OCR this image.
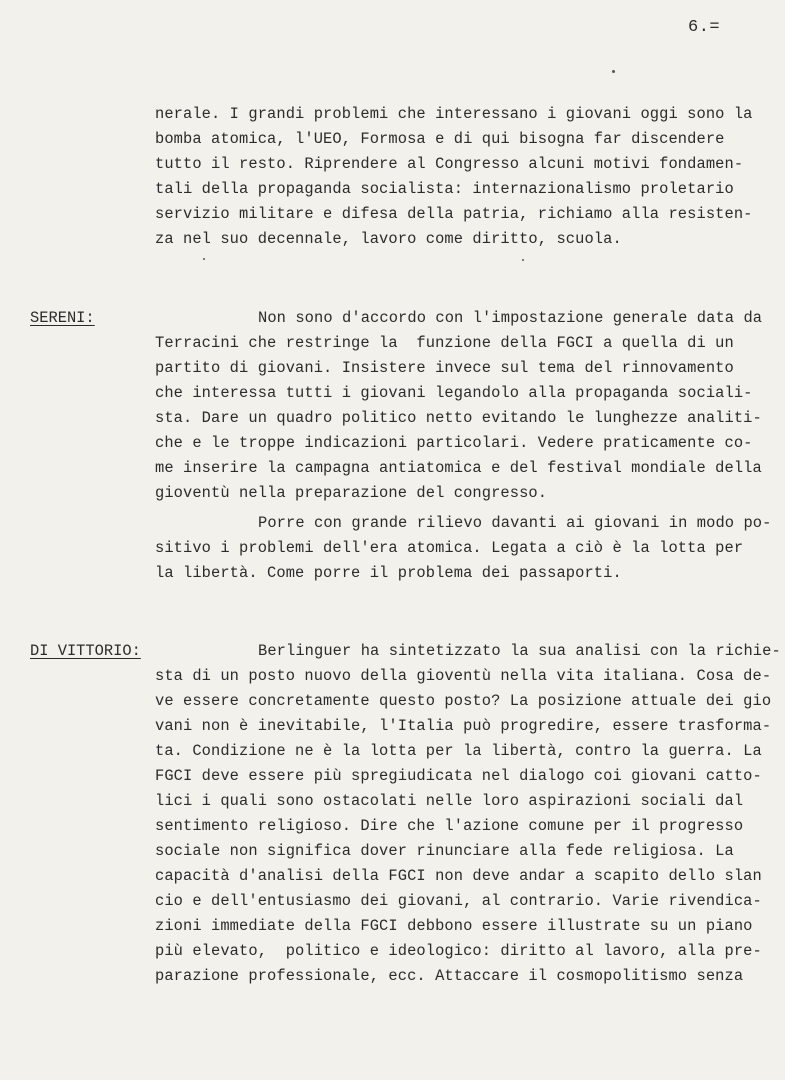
6.=
nerale. I grandi problemi che interessano i giovani oggi sono la
bomba atomica, l'UEO, Formosa e di qui bisogna far discendere
tutto il resto. Riprendere al Congresso alcuni motivi fondamen-
tali della propaganda socialista: internazionalismo proletario
servizio militare e difesa della patria, richiamo alla resisten-
za nel suo decennale, lavoro come diritto, scuola.
SERENI:	Non sono d'accordo con l'impostazione generale data da
Terracini che restringe la  funzione della FGCI a quella di un
partito di giovani. Insistere invece sul tema del rinnovamento
che interessa tutti i giovani legandolo alla propaganda sociali-
sta. Dare un quadro politico netto evitando le lunghezze analiti-
che e le troppe indicazioni particolari. Vedere praticamente co-
me inserire la campagna antiatomica e del festival mondiale della
gioventù nella preparazione del congresso.
Porre con grande rilievo davanti ai giovani in modo po-
sitivo i problemi dell'era atomica. Legata a ciò è la lotta per
la libertà. Come porre il problema dei passaporti.
DI VITTORIO:	Berlinguer ha sintetizzato la sua analisi con la richie-
sta di un posto nuovo della gioventù nella vita italiana. Cosa de-
ve essere concretamente questo posto? La posizione attuale dei gio
vani non è inevitabile, l'Italia può progredire, essere trasforma-
ta. Condizione ne è la lotta per la libertà, contro la guerra. La
FGCI deve essere più spregiudicata nel dialogo coi giovani catto-
lici i quali sono ostacolati nelle loro aspirazioni sociali dal
sentimento religioso. Dire che l'azione comune per il progresso
sociale non significa dover rinunciare alla fede religiosa. La
capacità d'analisi della FGCI non deve andar a scapito dello slan
cio e dell'entusiasmo dei giovani, al contrario. Varie rivendica-
zioni immediate della FGCI debbono essere illustrate su un piano
più elevato,  politico e ideologico: diritto al lavoro, alla pre-
parazione professionale, ecc. Attaccare il cosmopolitismo senza
